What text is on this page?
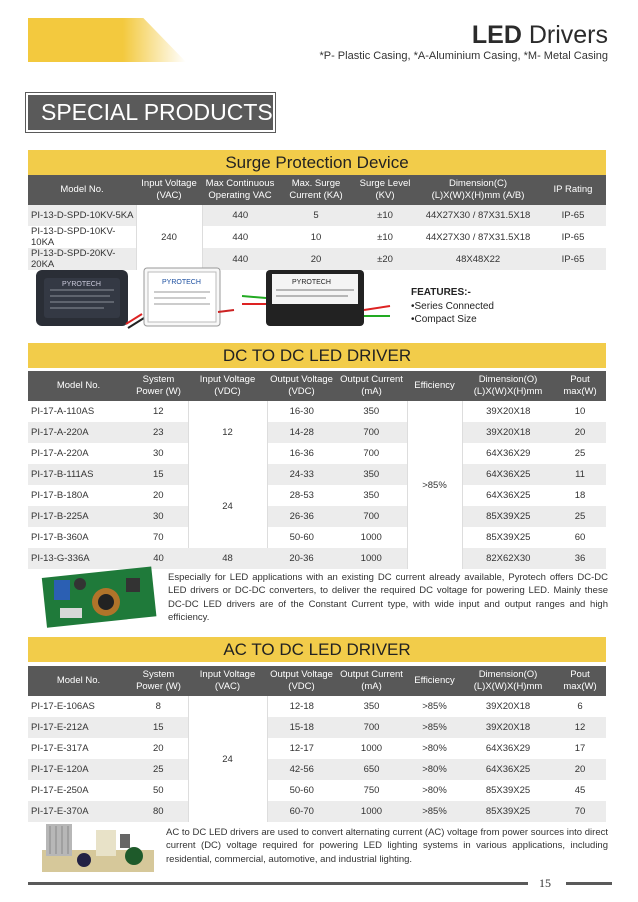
LED Drivers
*P- Plastic Casing, *A-Aluminium Casing, *M- Metal Casing
SPECIAL PRODUCTS
Surge Protection Device
Model No.	Input Voltage (VAC)	Max Continuous Operating VAC	Max. Surge Current (KA)	Surge Level (KV)	Dimension(C) (L)X(W)X(H)mm (A/B)	IP Rating
PI-13-D-SPD-10KV-5KA	240	440	5	±10	44X27X30 / 87X31.5X18	IP-65
PI-13-D-SPD-10KV-10KA		440	10	±10	44X27X30 / 87X31.5X18	IP-65
PI-13-D-SPD-20KV-20KA		440	20	±20	48X48X22	IP-65
PYROTECH	PYROTECH	PYROTECH
FEATURES:-
•Series Connected
•Compact Size
DC TO DC LED DRIVER
Model No.	System Power (W)	Input Voltage (VDC)	Output Voltage (VDC)	Output Current (mA)	Efficiency	Dimension(O) (L)X(W)X(H)mm	Pout max(W)
PI-17-A-110AS	12	12	16-30	350	>85%	39X20X18	10
PI-17-A-220A	23		14-28	700		39X20X18	20
PI-17-A-220A	30		16-36	700		64X36X29	25
PI-17-B-111AS	15	24	24-33	350		64X36X25	11
PI-17-B-180A	20		28-53	350		64X36X25	18
PI-17-B-225A	30		26-36	700		85X39X25	25
PI-17-B-360A	70		50-60	1000		85X39X25	60
PI-13-G-336A	40	48	20-36	1000		82X62X30	36
Especially for LED applications with an existing DC current already available, Pyrotech offers DC-DC LED drivers or DC-DC converters, to deliver the required DC voltage for powering LED. Mainly these DC-DC LED drivers are of the Constant Current type, with wide input and output ranges and high efficiency.
AC TO DC LED DRIVER
Model No.	System Power (W)	Input Voltage (VAC)	Output Voltage (VDC)	Output Current (mA)	Efficiency	Dimension(O) (L)X(W)X(H)mm	Pout max(W)
PI-17-E-106AS	8	24	12-18	350	>85%	39X20X18	6
PI-17-E-212A	15		15-18	700	>85%	39X20X18	12
PI-17-E-317A	20		12-17	1000	>80%	64X36X29	17
PI-17-E-120A	25		42-56	650	>80%	64X36X25	20
PI-17-E-250A	50		50-60	750	>80%	85X39X25	45
PI-17-E-370A	80		60-70	1000	>85%	85X39X25	70
AC to DC LED drivers are used to convert alternating current (AC) voltage from power sources into direct current (DC) voltage required for powering LED lighting systems in various applications, including residential, commercial, automotive, and industrial lighting.
15
